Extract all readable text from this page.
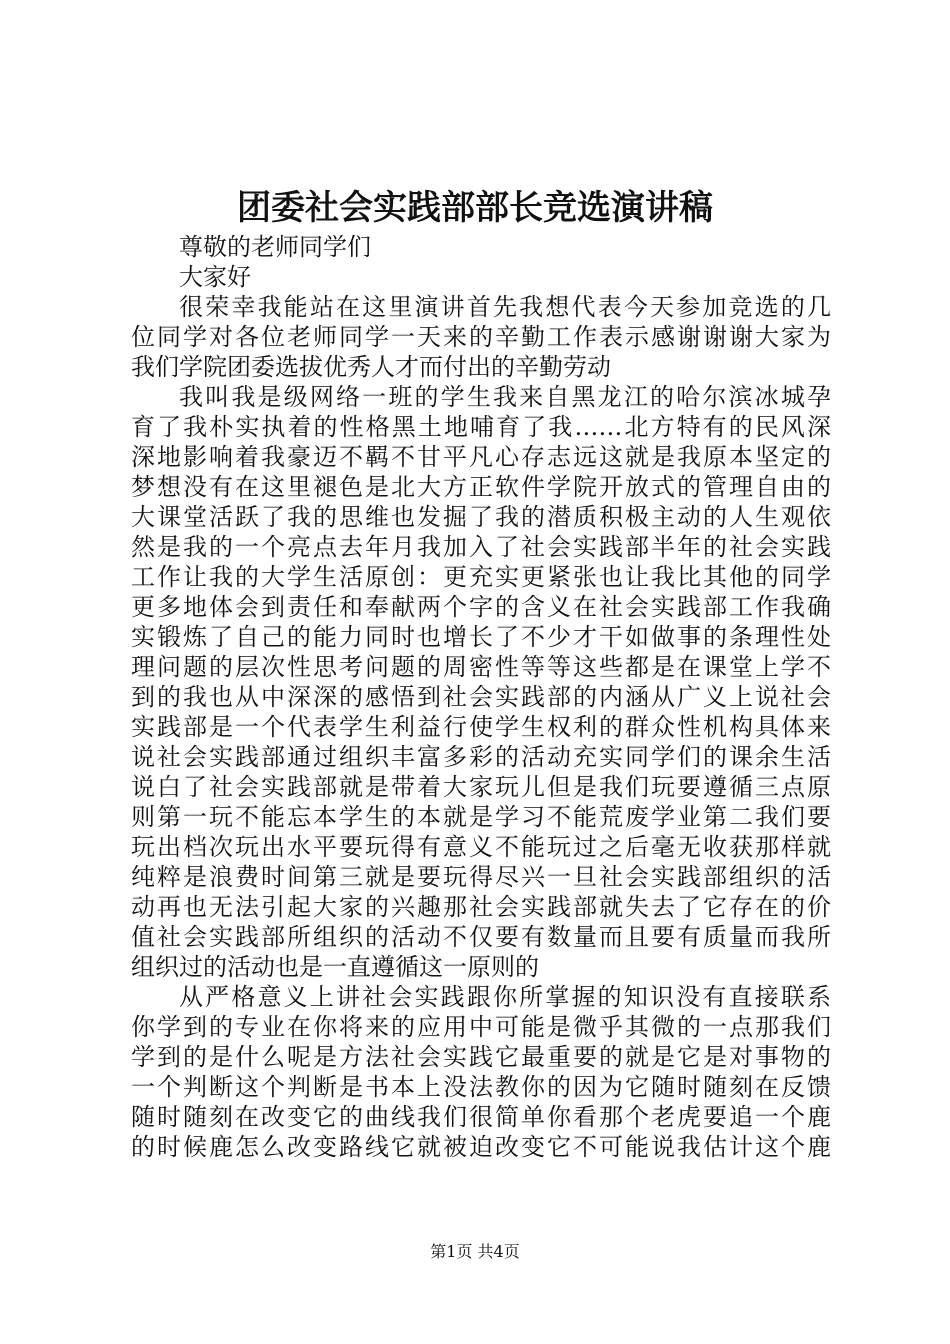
团委社会实践部部长竞选演讲稿
尊敬的老师同学们
大家好
很荣幸我能站在这里演讲首先我想代表今天参加竞选的几
位同学对各位老师同学一天来的辛勤工作表示感谢谢谢大家为
我们学院团委选拔优秀人才而付出的辛勤劳动
我叫我是级网络一班的学生我来自黑龙江的哈尔滨冰城孕
育了我朴实执着的性格黑土地哺育了我……北方特有的民风深
深地影响着我豪迈不羁不甘平凡心存志远这就是我原本坚定的
梦想没有在这里褪色是北大方正软件学院开放式的管理自由的
大课堂活跃了我的思维也发掘了我的潜质积极主动的人生观依
然是我的一个亮点去年月我加入了社会实践部半年的社会实践
工作让我的大学生活原创：更充实更紧张也让我比其他的同学
更多地体会到责任和奉献两个字的含义在社会实践部工作我确
实锻炼了自己的能力同时也增长了不少才干如做事的条理性处
理问题的层次性思考问题的周密性等等这些都是在课堂上学不
到的我也从中深深的感悟到社会实践部的内涵从广义上说社会
实践部是一个代表学生利益行使学生权利的群众性机构具体来
说社会实践部通过组织丰富多彩的活动充实同学们的课余生活
说白了社会实践部就是带着大家玩儿但是我们玩要遵循三点原
则第一玩不能忘本学生的本就是学习不能荒废学业第二我们要
玩出档次玩出水平要玩得有意义不能玩过之后毫无收获那样就
纯粹是浪费时间第三就是要玩得尽兴一旦社会实践部组织的活
动再也无法引起大家的兴趣那社会实践部就失去了它存在的价
值社会实践部所组织的活动不仅要有数量而且要有质量而我所
组织过的活动也是一直遵循这一原则的
从严格意义上讲社会实践跟你所掌握的知识没有直接联系
你学到的专业在你将来的应用中可能是微乎其微的一点那我们
学到的是什么呢是方法社会实践它最重要的就是它是对事物的
一个判断这个判断是书本上没法教你的因为它随时随刻在反馈
随时随刻在改变它的曲线我们很简单你看那个老虎要追一个鹿
的时候鹿怎么改变路线它就被迫改变它不可能说我估计这个鹿
第1页 共4页
